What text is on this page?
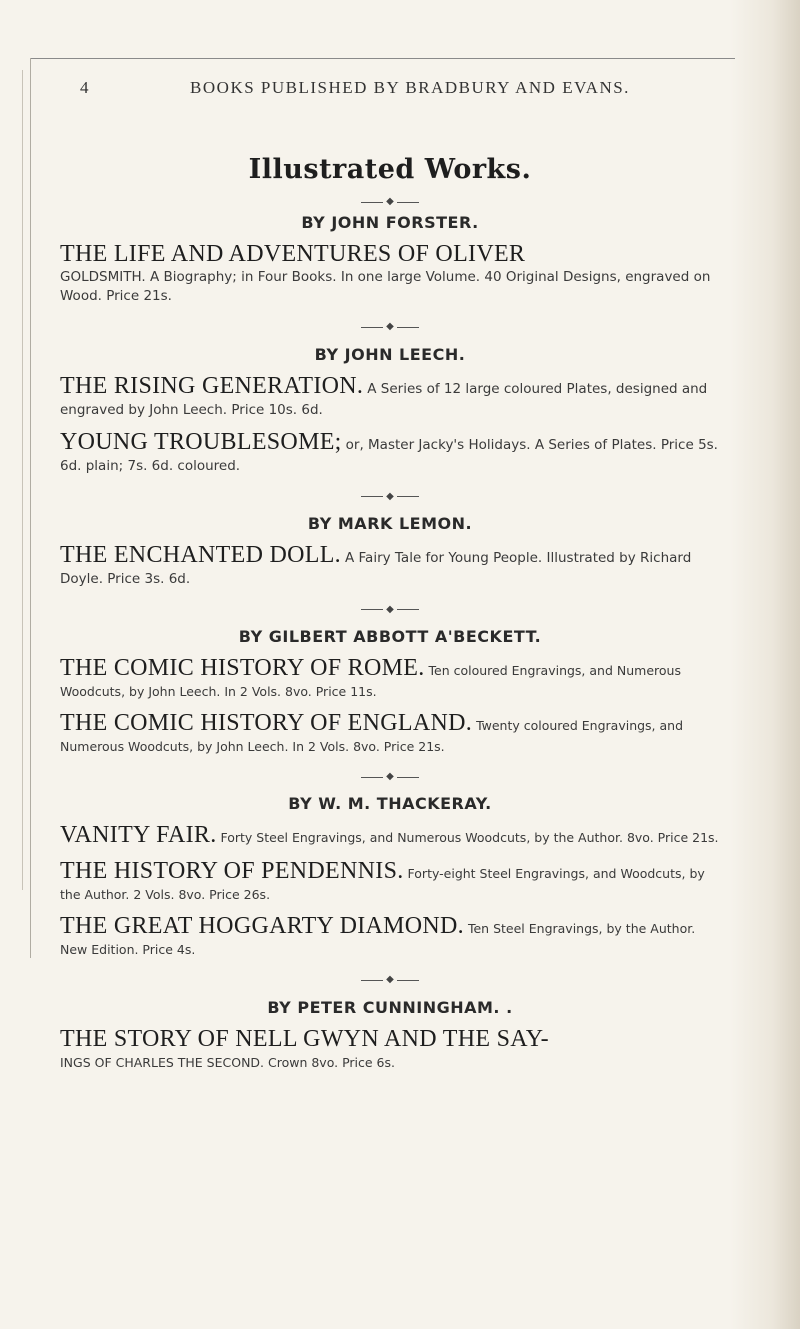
4	BOOKS PUBLISHED BY BRADBURY AND EVANS.
Illustrated Works.
◆
BY JOHN FORSTER.
THE LIFE AND ADVENTURES OF OLIVER
GOLDSMITH. A Biography; in Four Books. In one large Volume. 40 Original Designs, engraved on Wood. Price 21s.
◆
BY JOHN LEECH.
THE RISING GENERATION. A Series of 12 large coloured Plates, designed and engraved by John Leech. Price 10s. 6d.
YOUNG TROUBLESOME; or, Master Jacky's Holidays. A Series of Plates. Price 5s. 6d. plain; 7s. 6d. coloured.
◆
BY MARK LEMON.
THE ENCHANTED DOLL. A Fairy Tale for Young People. Illustrated by Richard Doyle. Price 3s. 6d.
◆
BY GILBERT ABBOTT A'BECKETT.
THE COMIC HISTORY OF ROME. Ten coloured Engravings, and Numerous Woodcuts, by John Leech. In 2 Vols. 8vo. Price 11s.
THE COMIC HISTORY OF ENGLAND. Twenty coloured Engravings, and Numerous Woodcuts, by John Leech. In 2 Vols. 8vo. Price 21s.
◆
BY W. M. THACKERAY.
VANITY FAIR. Forty Steel Engravings, and Numerous Woodcuts, by the Author. 8vo. Price 21s.
THE HISTORY OF PENDENNIS. Forty-eight Steel Engravings, and Woodcuts, by the Author. 2 Vols. 8vo. Price 26s.
THE GREAT HOGGARTY DIAMOND. Ten Steel Engravings, by the Author. New Edition. Price 4s.
◆
BY PETER CUNNINGHAM. .
THE STORY OF NELL GWYN AND THE SAY-
INGS OF CHARLES THE SECOND. Crown 8vo. Price 6s.
